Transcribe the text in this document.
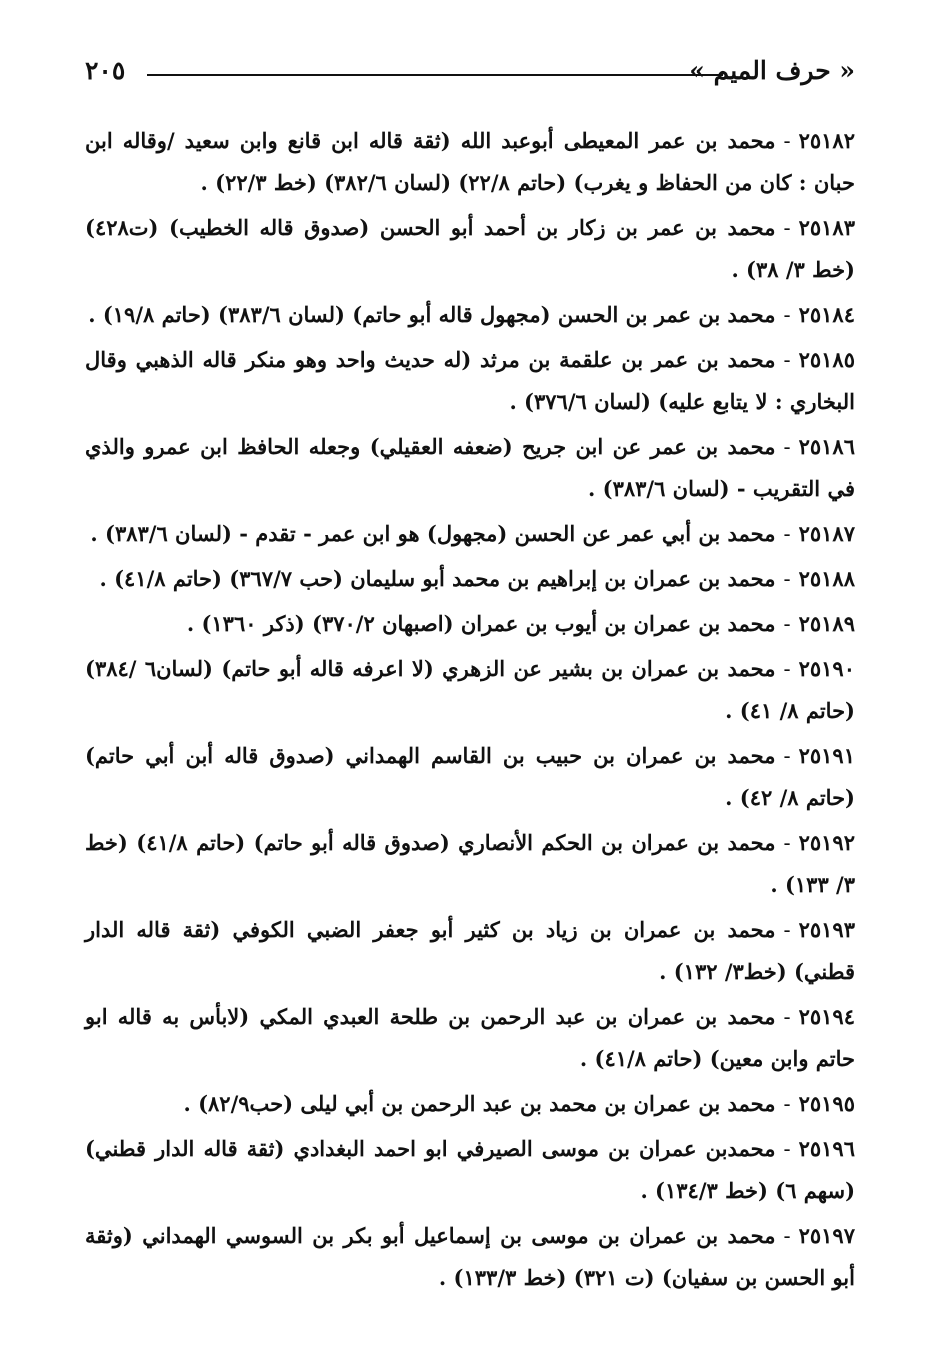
« حرف الميم »
٢٠٥

٢٥١٨٢-محمد بن عمر المعيطى أبوعبد الله (ثقة قاله ابن قانع وابن سعيد /وقاله ابن حبان : كان من الحفاظ و يغرب) (حاتم ٢٢/٨) (لسان ٣٨٢/٦) (خط ٢٢/٣) .

٢٥١٨٣-محمد بن عمر بن زكار بن أحمد أبو الحسن (صدوق قاله الخطيب) (ت٤٢٨) (خط ٣/ ٣٨) .

٢٥١٨٤-محمد بن عمر بن الحسن (مجهول قاله أبو حاتم) (لسان ٣٨٣/٦) (حاتم ١٩/٨) .

٢٥١٨٥-محمد بن عمر بن علقمة بن مرثد (له حديث واحد وهو منكر قاله الذهبي وقال البخاري : لا يتابع عليه) (لسان ٣٧٦/٦) .

٢٥١٨٦-محمد بن عمر عن ابن جريح (ضعفه العقيلي) وجعله الحافظ ابن عمرو والذي في التقريب - (لسان ٣٨٣/٦) .

٢٥١٨٧-محمد بن أبي عمر عن الحسن (مجهول) هو ابن عمر - تقدم - (لسان ٣٨٣/٦) .

٢٥١٨٨-محمد بن عمران بن إبراهيم بن محمد أبو سليمان (حب ٣٦٧/٧) (حاتم ٤١/٨) .

٢٥١٨٩-محمد بن عمران بن أيوب بن عمران (اصبهان ٣٧٠/٢) (ذكر ١٣٦٠) .

٢٥١٩٠-محمد بن عمران بن بشير عن الزهري (لا اعرفه قاله أبو حاتم) (لسان٦ /٣٨٤) (حاتم ٨/ ٤١) .

٢٥١٩١-محمد بن عمران بن حبيب بن القاسم الهمداني (صدوق قاله أبن أبي حاتم) (حاتم ٨/ ٤٢) .

٢٥١٩٢-محمد بن عمران بن الحكم الأنصاري (صدوق قاله أبو حاتم) (حاتم ٤١/٨) (خط ٣/ ١٣٣) .

٢٥١٩٣-محمد بن عمران بن زياد بن كثير أبو جعفر الضبي الكوفي (ثقة قاله الدار قطني) (خط٣/ ١٣٢) .

٢٥١٩٤-محمد بن عمران بن عبد الرحمن بن طلحة العبدي المكي (لابأس به قاله ابو حاتم وابن معين) (حاتم ٤١/٨) .

٢٥١٩٥-محمد بن عمران بن محمد بن عبد الرحمن بن أبي ليلى (حب٨٢/٩) .

٢٥١٩٦-محمدبن عمران بن موسى الصيرفي ابو احمد البغدادي (ثقة قاله الدار قطني) (سهم ٦) (خط ١٣٤/٣) .

٢٥١٩٧-محمد بن عمران بن موسى بن إسماعيل أبو بكر بن السوسي الهمداني (وثقة أبو الحسن بن سفيان) (ت ٣٢١) (خط ١٣٣/٣) .
